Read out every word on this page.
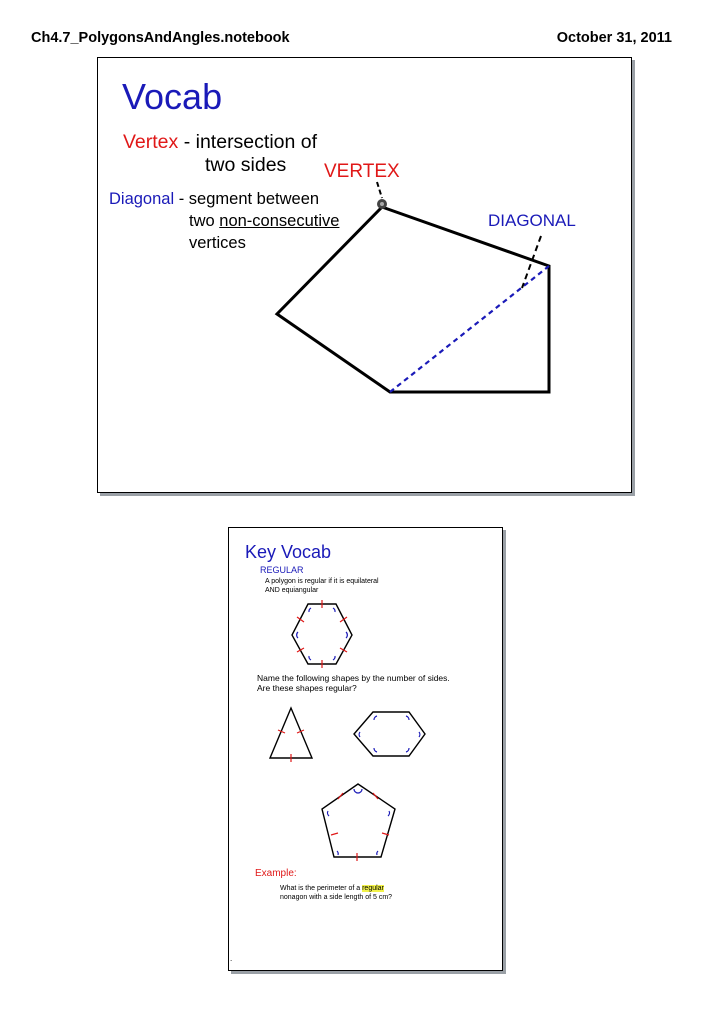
Ch4.7_PolygonsAndAngles.notebook	October 31, 2011
Vocab
Vertex - intersection of
two sides VERTEX
Diagonal - segment between
two non-consecutive
vertices
DIAGONAL
Key Vocab
REGULAR
A polygon is regular if it is equilateral
AND equiangular
Name the following shapes by the number of sides.
Are these shapes regular?
Example:
What is the perimeter of a regular
nonagon with a side length of 5 cm?
.
